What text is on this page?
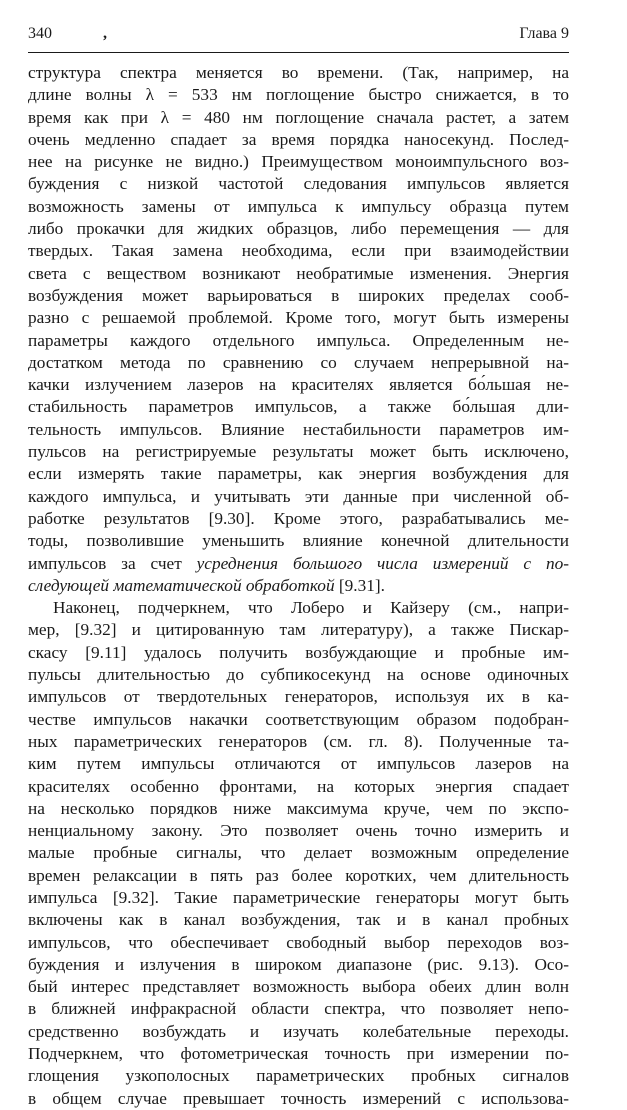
340	,	Глава 9
структура спектра меняется во времени. (Так, например, на
длине волны λ = 533 нм поглощение быстро снижается, в то
время как при λ = 480 нм поглощение сначала растет, а затем
очень медленно спадает за время порядка наносекунд. Послед-
нее на рисунке не видно.) Преимуществом моноимпульсного воз-
буждения с низкой частотой следования импульсов является
возможность замены от импульса к импульсу образца путем
либо прокачки для жидких образцов, либо перемещения — для
твердых. Такая замена необходима, если при взаимодействии
света с веществом возникают необратимые изменения. Энергия
возбуждения может варьироваться в широких пределах сооб-
разно с решаемой проблемой. Кроме того, могут быть измерены
параметры каждого отдельного импульса. Определенным не-
достатком метода по сравнению со случаем непрерывной на-
качки излучением лазеров на красителях является бо́льшая не-
стабильность параметров импульсов, а также бо́льшая дли-
тельность импульсов. Влияние нестабильности параметров им-
пульсов на регистрируемые результаты может быть исключено,
если измерять такие параметры, как энергия возбуждения для
каждого импульса, и учитывать эти данные при численной об-
работке результатов [9.30]. Кроме этого, разрабатывались ме-
тоды, позволившие уменьшить влияние конечной длительности
импульсов за счет усреднения большого числа измерений с по-
следующей математической обработкой [9.31].
Наконец, подчеркнем, что Лоберо и Кайзеру (см., напри-
мер, [9.32] и цитированную там литературу), а также Пискар-
скасу [9.11] удалось получить возбуждающие и пробные им-
пульсы длительностью до субпикосекунд на основе одиночных
импульсов от твердотельных генераторов, используя их в ка-
честве импульсов накачки соответствующим образом подобран-
ных параметрических генераторов (см. гл. 8). Полученные та-
ким путем импульсы отличаются от импульсов лазеров на
красителях особенно фронтами, на которых энергия спадает
на несколько порядков ниже максимума круче, чем по экспо-
ненциальному закону. Это позволяет очень точно измерить и
малые пробные сигналы, что делает возможным определение
времен релаксации в пять раз более коротких, чем длительность
импульса [9.32]. Такие параметрические генераторы могут быть
включены как в канал возбуждения, так и в канал пробных
импульсов, что обеспечивает свободный выбор переходов воз-
буждения и излучения в широком диапазоне (рис. 9.13). Осо-
бый интерес представляет возможность выбора обеих длин волн
в ближней инфракрасной области спектра, что позволяет непо-
средственно возбуждать и изучать колебательные переходы.
Подчеркнем, что фотометрическая точность при измерении по-
глощения узкополосных параметрических пробных сигналов
в общем случае превышает точность измерений с использова-
